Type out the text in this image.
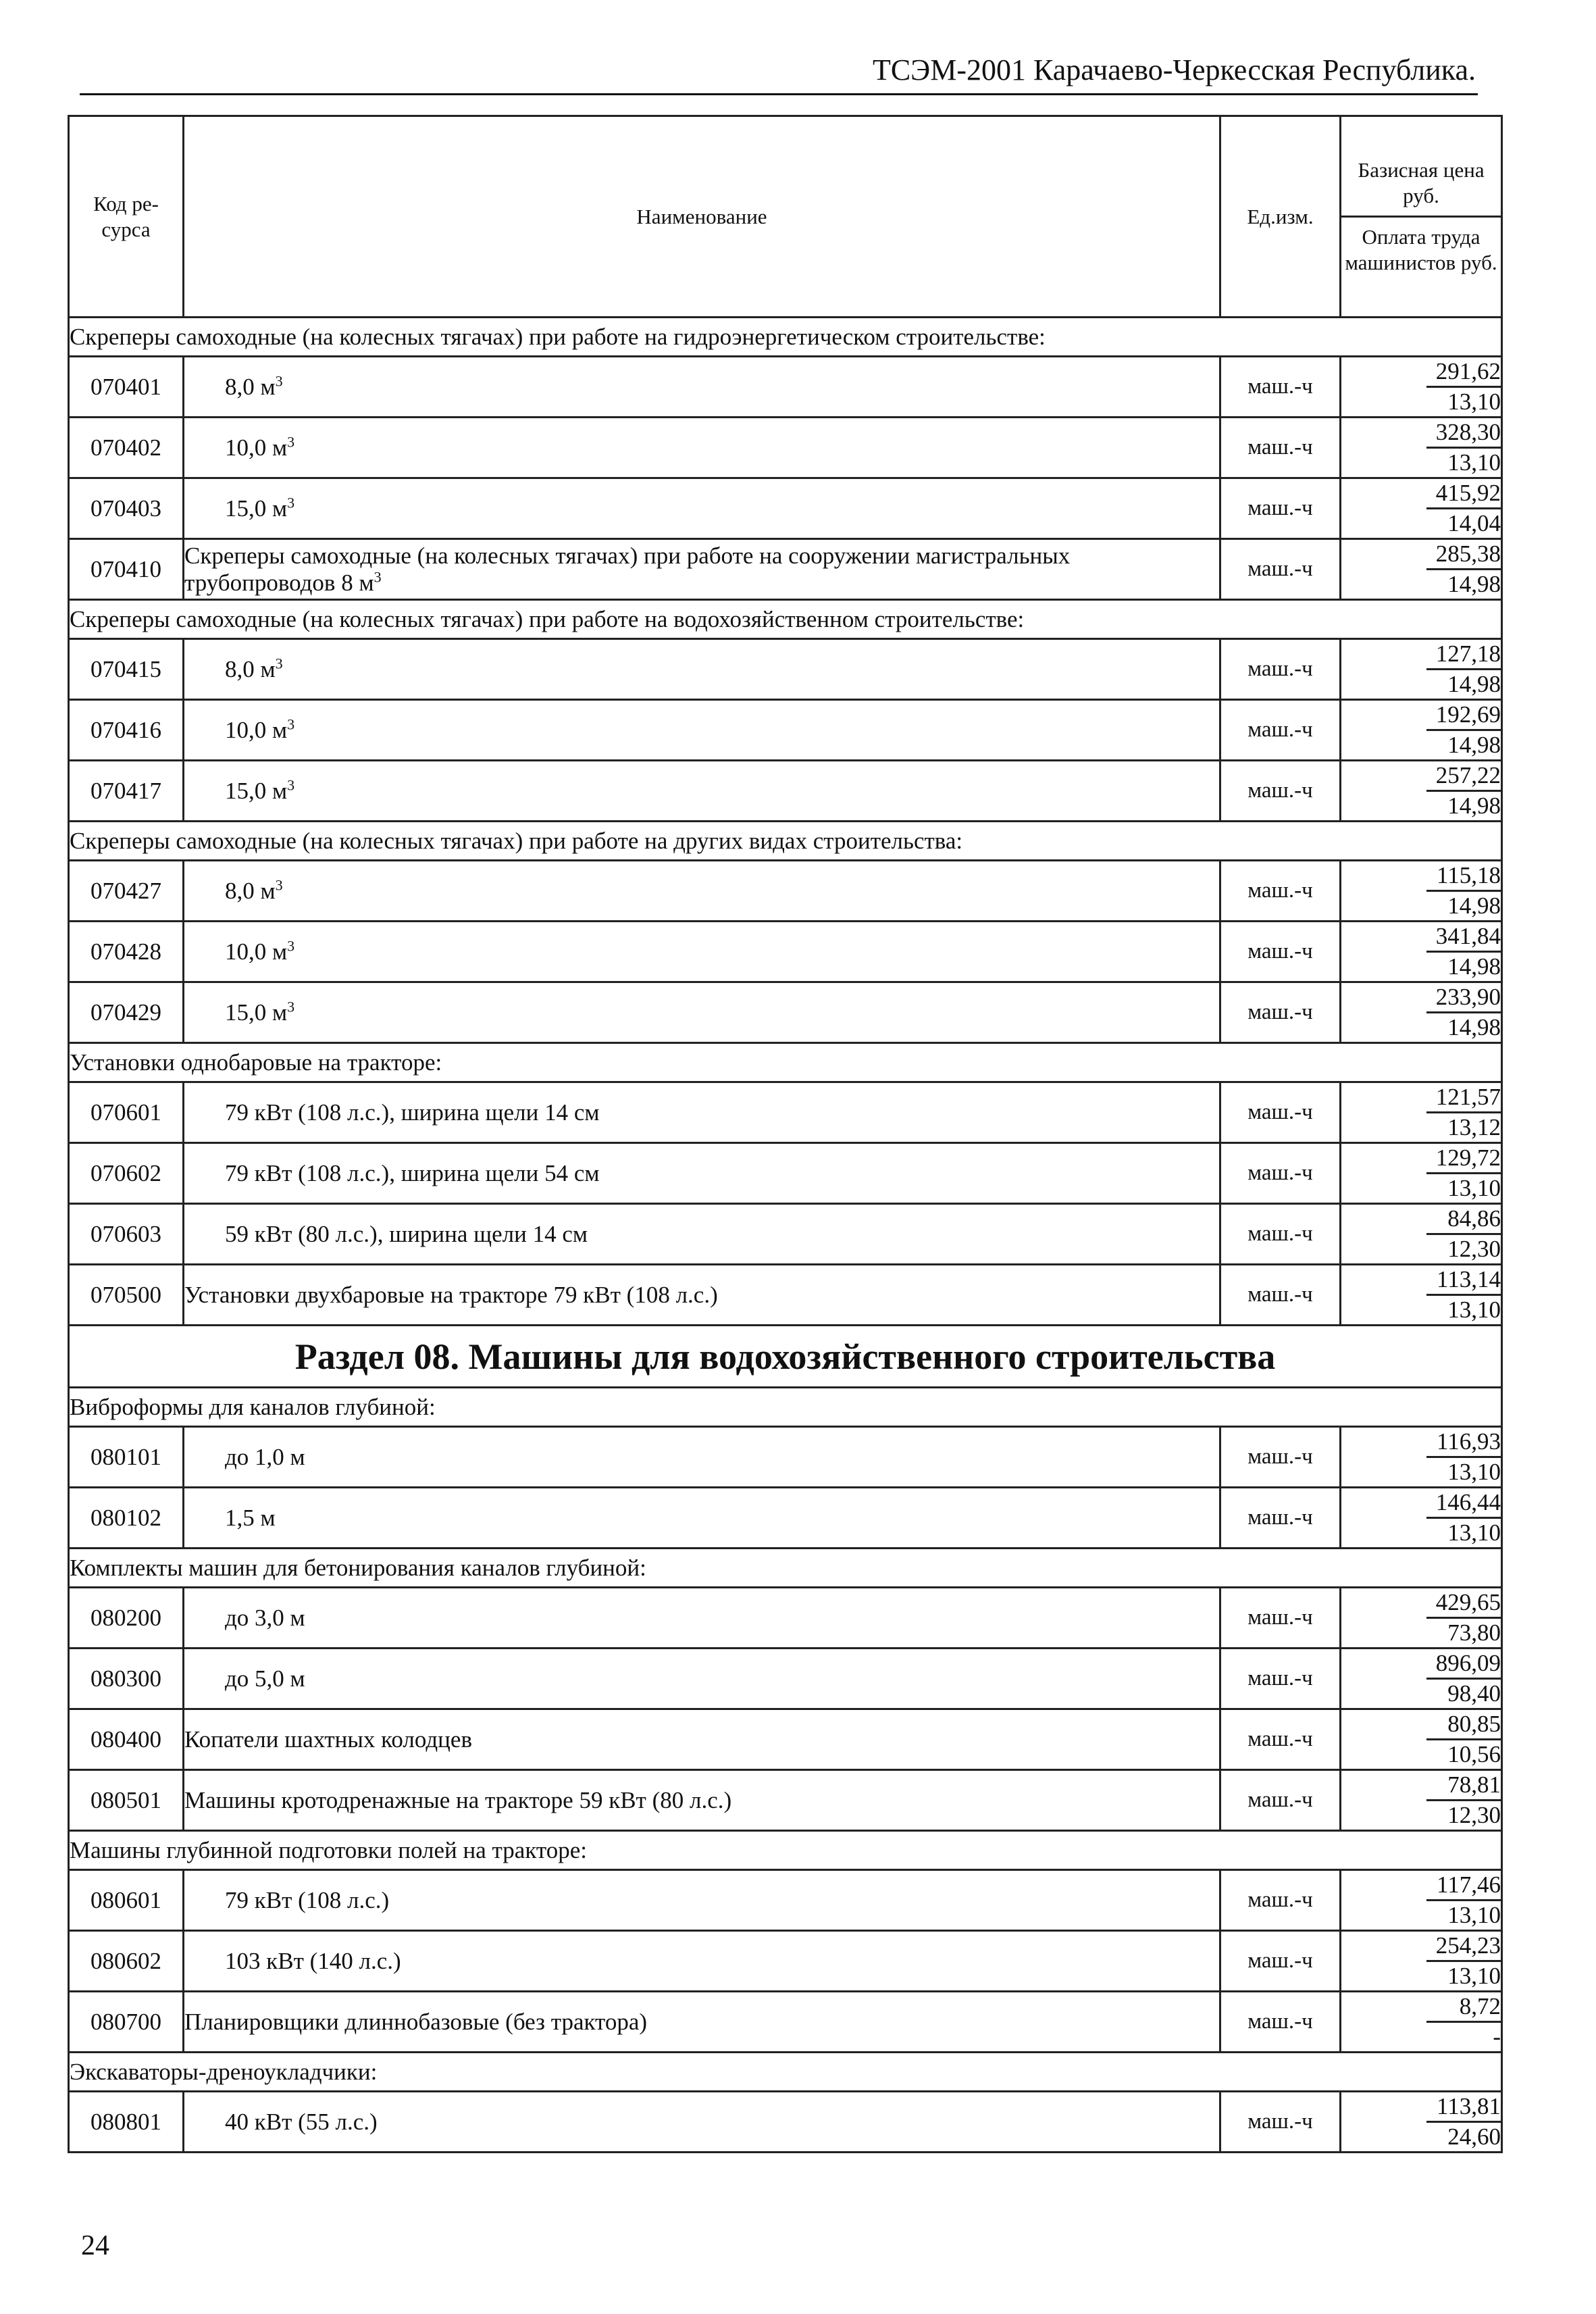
ТСЭМ-2001 Карачаево-Черкесская Республика.
Код ре-сурса	Наименование	Ед.изм.	Базисная цена руб.
Оплата труда машинистов руб.

Скреперы самоходные (на колесных тягачах) при работе на гидроэнергетическом строительстве:			
070401	8,0 $м^3$	маш.-ч	291,62
13,10

070402	10,0 $м^3$	маш.-ч	328,30
13,10

070403	15,0 $м^3$	маш.-ч	415,92
14,04

070410	Скреперы самоходные (на колесных тягачах) при работе на сооружении магистральных трубопроводов 8 $м^3$	маш.-ч	285,38
14,98

Скреперы самоходные (на колесных тягачах) при работе на водохозяйственном строительстве:			
070415	8,0 $м^3$	маш.-ч	127,18
14,98

070416	10,0 $м^3$	маш.-ч	192,69
14,98

070417	15,0 $м^3$	маш.-ч	257,22
14,98

Скреперы самоходные (на колесных тягачах) при работе на других видах строительства:			
070427	8,0 $м^3$	маш.-ч	115,18
14,98

070428	10,0 $м^3$	маш.-ч	341,84
14,98

070429	15,0 $м^3$	маш.-ч	233,90
14,98

Установки однобаровые на тракторе:			
070601	79 кВт (108 л.с.), ширина щели 14 см	маш.-ч	121,57
13,12

070602	79 кВт (108 л.с.), ширина щели 54 см	маш.-ч	129,72
13,10

070603	59 кВт (80 л.с.), ширина щели 14 см	маш.-ч	84,86
12,30

070500	Установки двухбаровые на тракторе 79 кВт (108 л.с.)	маш.-ч	113,14
13,10

Раздел 08. Машины для водохозяйственного строительства			
Виброформы для каналов глубиной:			
080101	до 1,0 м	маш.-ч	116,93
13,10

080102	1,5 м	маш.-ч	146,44
13,10

Комплекты машин для бетонирования каналов глубиной:			
080200	до 3,0 м	маш.-ч	429,65
73,80

080300	до 5,0 м	маш.-ч	896,09
98,40

080400	Копатели шахтных колодцев	маш.-ч	80,85
10,56

080501	Машины кротодренажные на тракторе 59 кВт (80 л.с.)	маш.-ч	78,81
12,30

Машины глубинной подготовки полей на тракторе:			
080601	79 кВт (108 л.с.)	маш.-ч	117,46
13,10

080602	103 кВт (140 л.с.)	маш.-ч	254,23
13,10

080700	Планировщики длиннобазовые (без трактора)	маш.-ч	8,72
-

Экскаваторы-дреноукладчики:			
080801	40 кВт (55 л.с.)	маш.-ч	113,81
24,60
24
